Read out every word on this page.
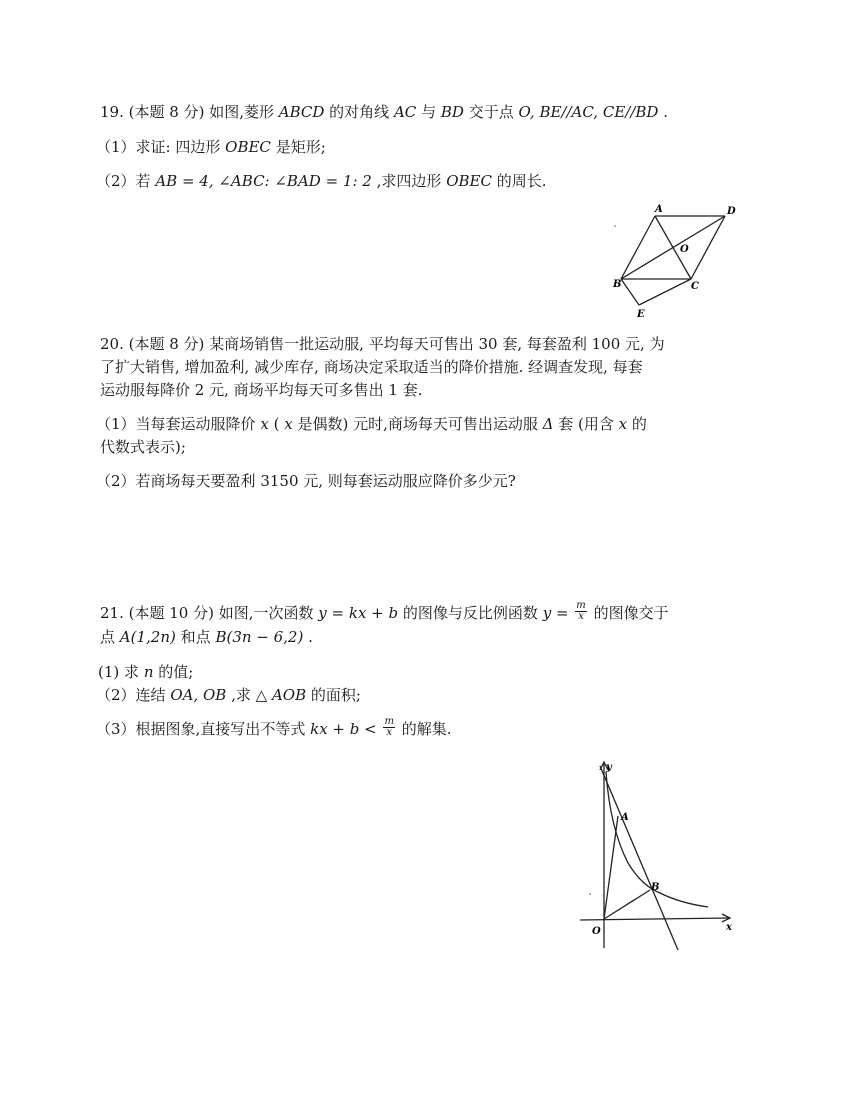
19. (本题 8 分) 如图,菱形 ABCD 的对角线 AC 与 BD 交于点 O, BE//AC, CE//BD .
（1）求证: 四边形 OBEC 是矩形;
（2）若 AB = 4, ∠ABC: ∠BAD = 1: 2 ,求四边形 OBEC 的周长.
A	D
O
B	C
E
20. (本题 8 分) 某商场销售一批运动服, 平均每天可售出 30 套, 每套盈利 100 元, 为
了扩大销售, 增加盈利, 减少库存, 商场决定采取适当的降价措施. 经调查发现, 每套
运动服每降价 2 元, 商场平均每天可多售出 1 套.
（1）当每套运动服降价 x ( x 是偶数) 元时,商场每天可售出运动服 Δ 套 (用含 x 的
代数式表示);
（2）若商场每天要盈利 3150 元, 则每套运动服应降价多少元?
21. (本题 10 分) 如图,一次函数 y = kx + b 的图像与反比例函数 $y = \frac{m}{x}$ 的图像交于
点 A(1,2n) 和点 B(3n − 6,2) .
(1) 求 n 的值;
（2）连结 OA, OB ,求 △ AOB 的面积;
（3）根据图象,直接写出不等式 kx + $b < \frac{m}{x}$ 的解集.
y
x
O
A
B
